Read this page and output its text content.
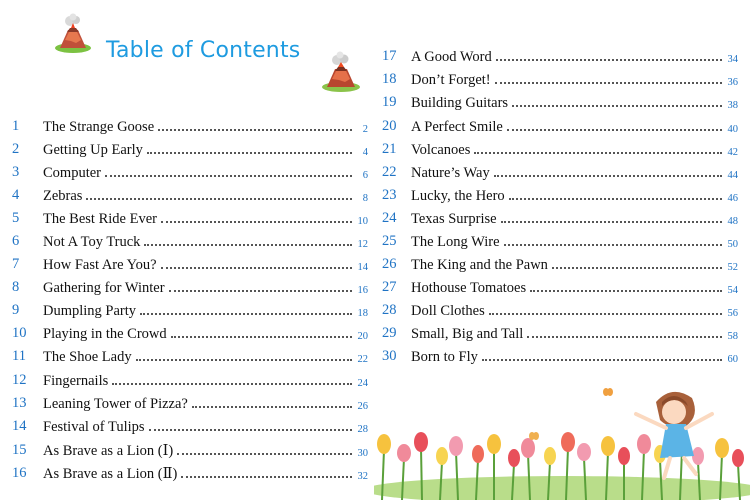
Table of Contents
1 The Strange Goose	2
2 Getting Up Early	4
3 Computer	6
4 Zebras	8
5 The Best Ride Ever	10
6 Not A Toy Truck	12
7 How Fast Are You?	14
8 Gathering for Winter	16
9 Dumpling Party	18
10 Playing in the Crowd	20
11 The Shoe Lady	22
12 Fingernails	24
13 Leaning Tower of Pizza?	26
14 Festival of Tulips	28
15 As Brave as a Lion (Ⅰ)	30
16 As Brave as a Lion (Ⅱ)	32
17 A Good Word	34
18 Don’t Forget!	36
19 Building Guitars	38
20 A Perfect Smile	40
21 Volcanoes	42
22 Nature’s Way	44
23 Lucky, the Hero	46
24 Texas Surprise	48
25 The Long Wire	50
26 The King and the Pawn	52
27 Hothouse Tomatoes	54
28 Doll Clothes	56
29 Small, Big and Tall	58
30 Born to Fly	60
